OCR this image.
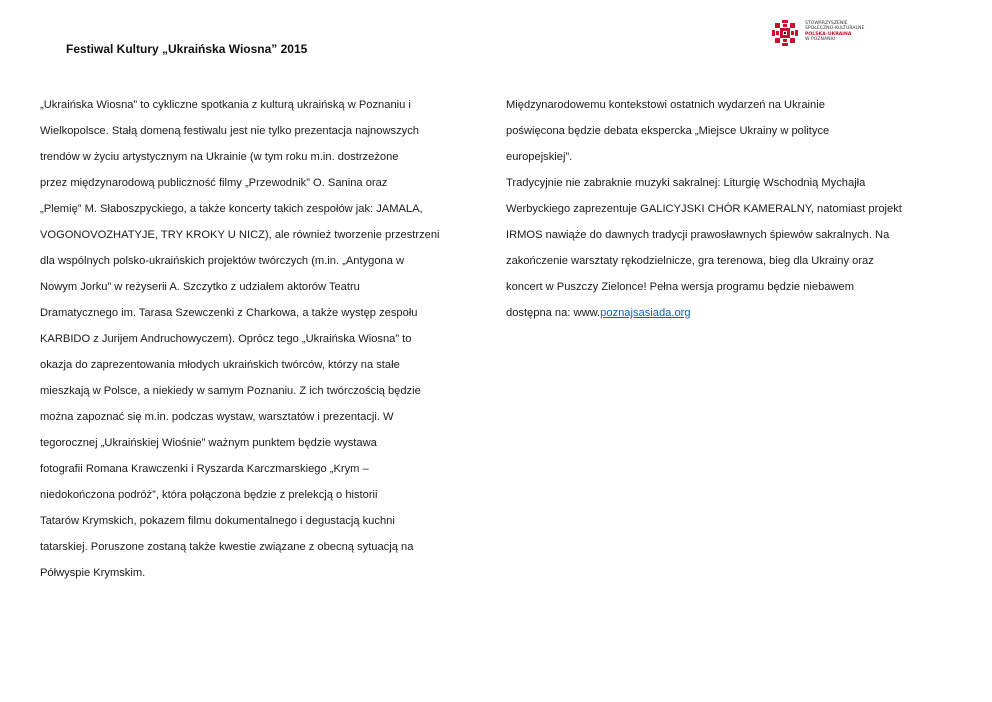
Festiwal Kultury „Ukraińska Wiosna” 2015
STOWARZYSZENIE
SPOŁECZNO-KULTURALNE
POLSKA–UKRAINA
W POZNANIU
„Ukraińska Wiosna” to cykliczne spotkania z kulturą ukraińską w Poznaniu i
Wielkopolsce. Stałą domeną festiwalu jest nie tylko prezentacja najnowszych
trendów w życiu artystycznym na Ukrainie (w tym roku m.in. dostrzeżone
przez międzynarodową publiczność filmy „Przewodnik” O. Sanina oraz
„Plemię” M. Słaboszpyckiego, a także koncerty takich zespołów jak: JAMALA,
VOGONOVOZHATYJE, TRY KROKY U NICZ), ale również tworzenie przestrzeni
dla wspólnych polsko-ukraińskich projektów twórczych (m.in. „Antygona w
Nowym Jorku” w reżyserii A. Szczytko z udziałem aktorów Teatru
Dramatycznego im. Tarasa Szewczenki z Charkowa, a także występ zespołu
KARBIDO z Jurijem Andruchowyczem). Oprócz tego „Ukraińska Wiosna” to
okazja do zaprezentowania młodych ukraińskich twórców, którzy na stałe
mieszkają w Polsce, a niekiedy w samym Poznaniu. Z ich twórczością będzie
można zapoznać się m.in. podczas wystaw, warsztatów i prezentacji. W
tegorocznej „Ukraińskiej Wiośnie” ważnym punktem będzie wystawa
fotografii Romana Krawczenki i Ryszarda Karczmarskiego „Krym –
niedokończona podróż”, która połączona będzie z prelekcją o historii
Tatarów Krymskich, pokazem filmu dokumentalnego i degustacją kuchni
tatarskiej. Poruszone zostaną także kwestie związane z obecną sytuacją na
Półwyspie Krymskim.
Międzynarodowemu kontekstowi ostatnich wydarzeń na Ukrainie
poświęcona będzie debata ekspercka „Miejsce Ukrainy w polityce
europejskiej”.
Tradycyjnie nie zabraknie muzyki sakralnej: Liturgię Wschodnią Mychajła
Werbyckiego zaprezentuje GALICYJSKI CHÓR KAMERALNY, natomiast projekt
IRMOS nawiąże do dawnych tradycji prawosławnych śpiewów sakralnych. Na
zakończenie warsztaty rękodzielnicze, gra terenowa, bieg dla Ukrainy oraz
koncert w Puszczy Zielonce! Pełna wersja programu będzie niebawem
dostępna na: www.poznajsasiada.org
